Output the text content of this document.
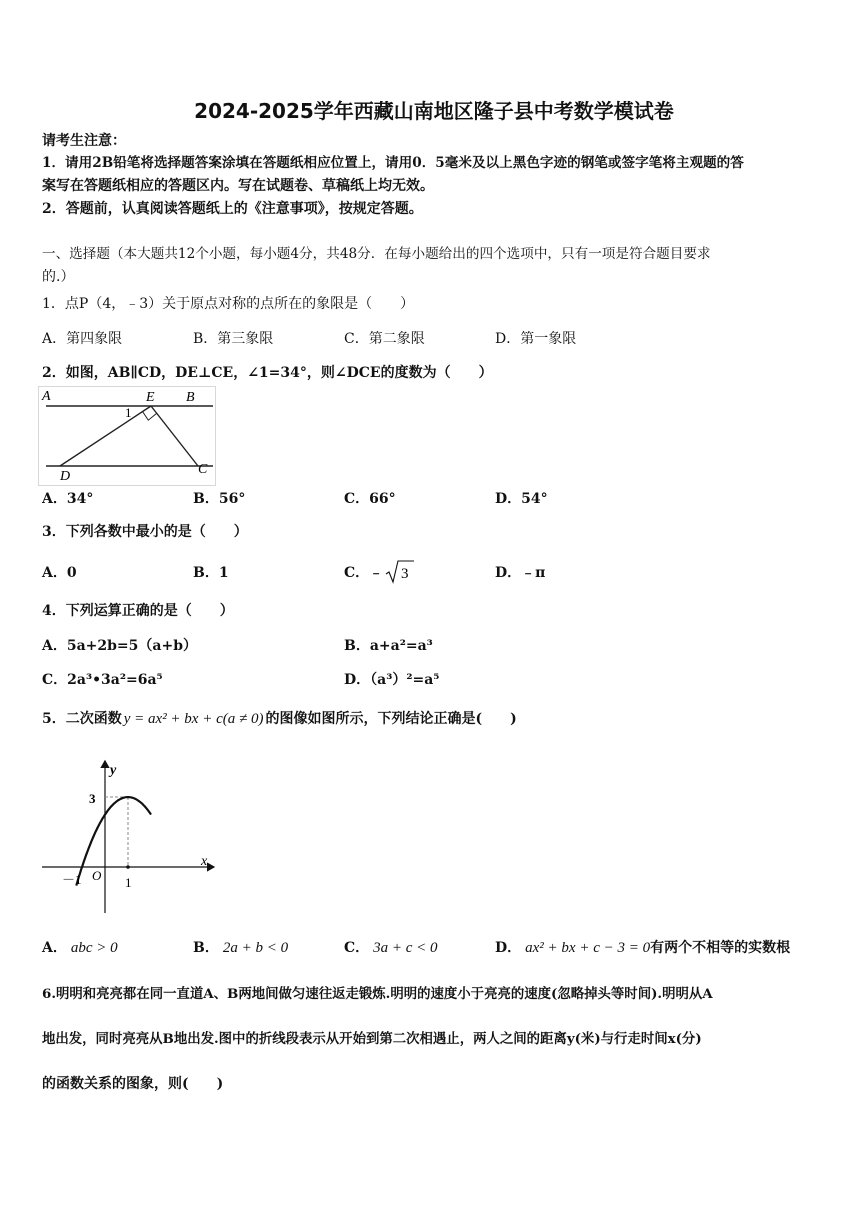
2024-2025学年西藏山南地区隆子县中考数学模试卷
请考生注意：
1．请用2B铅笔将选择题答案涂填在答题纸相应位置上，请用0．5毫米及以上黑色字迹的钢笔或签字笔将主观题的答
案写在答题纸相应的答题区内。写在试题卷、草稿纸上均无效。
2．答题前，认真阅读答题纸上的《注意事项》，按规定答题。
一、选择题（本大题共12个小题，每小题4分，共48分．在每小题给出的四个选项中，只有一项是符合题目要求
的.）
1．点P（4，﹣3）关于原点对称的点所在的象限是（　　）
A．第四象限	B．第三象限	C．第二象限	D．第一象限
2．如图，AB∥CD，DE⊥CE，∠1=34°，则∠DCE的度数为（　　）
A	E B
1
D	C
A．34°	B．56°	C．66°	D．54°
3．下列各数中最小的是（　　）
A．0	B．1	C．﹣ 3	D．﹣π
4．下列运算正确的是（　　）
A．5a+2b=5（a+b）	B．a+a²=a³
C．2a³•3a²=6a⁵	D．（a³）²=a⁵
5．二次函数 y = ax² + bx + c(a ≠ 0) 的图像如图所示，下列结论正确是(　　)
y
x
3
－1 O 1
A． abc > 0	B． 2a + b < 0	C． 3a + c < 0	D． ax² + bx + c − 3 = 0有两个不相等的实数根
6.明明和亮亮都在同一直道A、B两地间做匀速往返走锻炼.明明的速度小于亮亮的速度(忽略掉头等时间).明明从A
地出发，同时亮亮从B地出发.图中的折线段表示从开始到第二次相遇止，两人之间的距离y(米)与行走时间x(分)
的函数关系的图象，则(　　)
